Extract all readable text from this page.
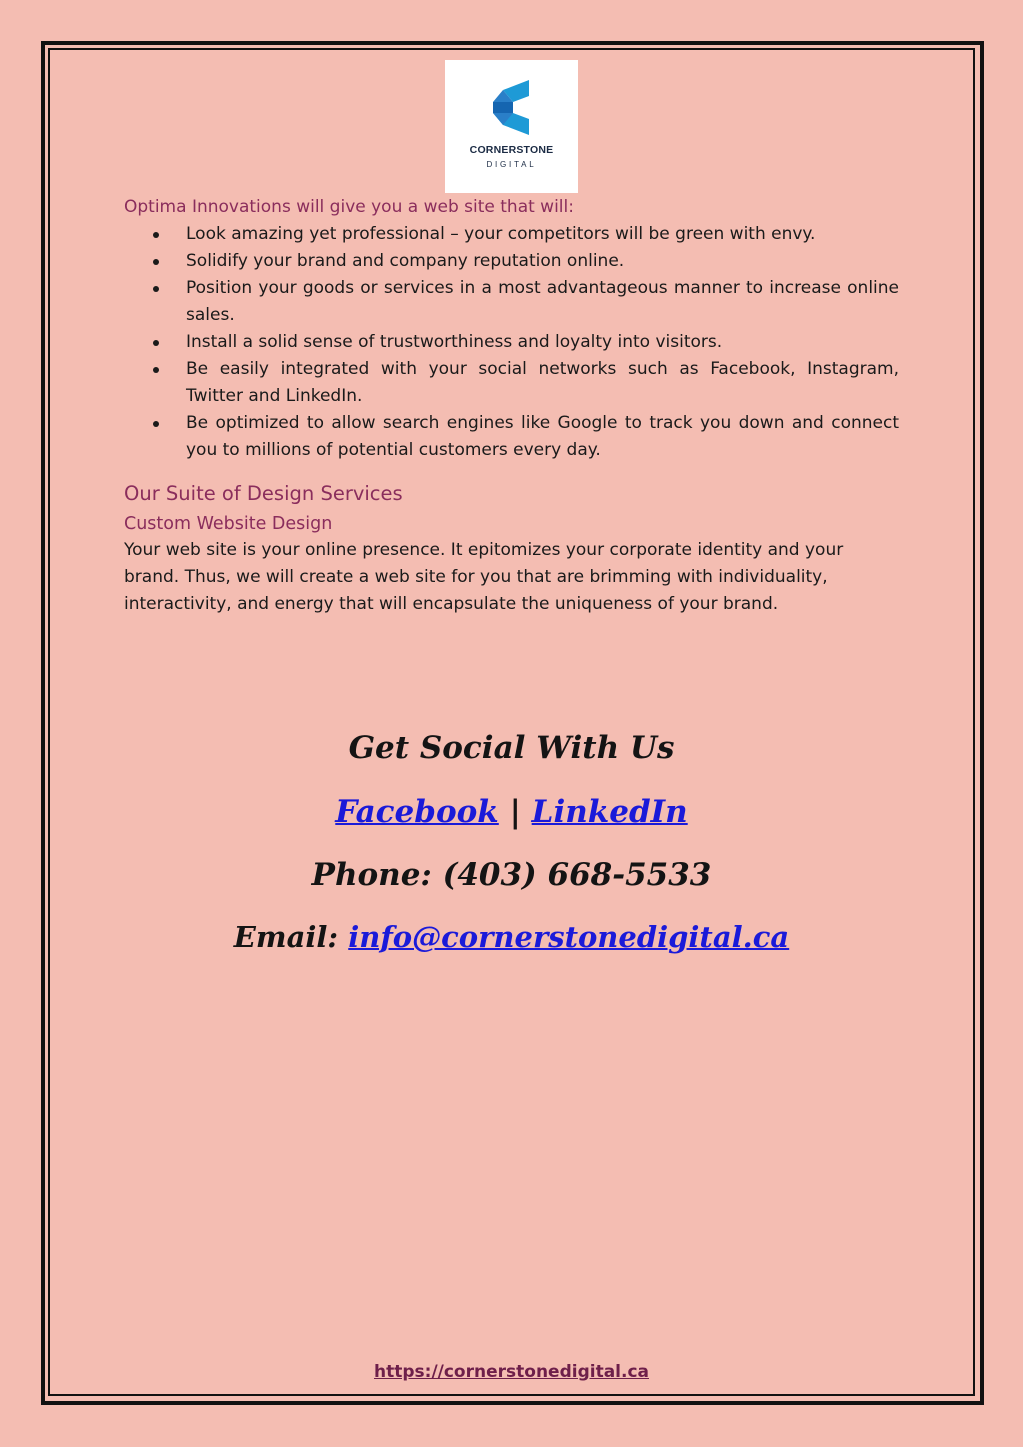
CORNERSTONE
DIGITAL

Optima Innovations will give you a web site that will:

Look amazing yet professional – your competitors will be green with envy.
Solidify your brand and company reputation online.
Position your goods or services in a most advantageous manner to increase online sales.
Install a solid sense of trustworthiness and loyalty into visitors.
Be easily integrated with your social networks such as Facebook, Instagram, Twitter and LinkedIn.
Be optimized to allow search engines like Google to track you down and connect you to millions of potential customers every day.
Our Suite of Design Services
Custom Website Design

Your web site is your online presence. It epitomizes your corporate identity and your brand. Thus, we will create a web site for you that are brimming with individuality, interactivity, and energy that will encapsulate the uniqueness of your brand.

Get Social With Us
Facebook | LinkedIn
Phone: (403) 668-5533
Email: info@cornerstonedigital.ca
https://cornerstonedigital.ca
